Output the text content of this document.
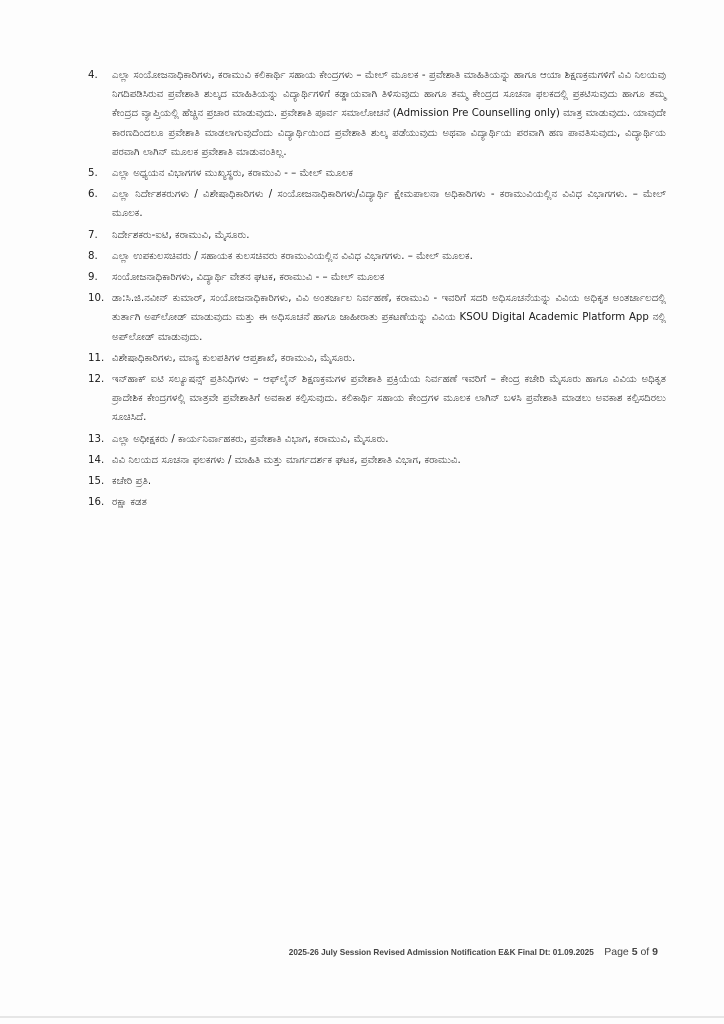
4.	ಎಲ್ಲಾ ಸಂಯೋಜನಾಧಿಕಾರಿಗಳು, ಕರಾಮುವಿ ಕಲಿಕಾರ್ಥಿ ಸಹಾಯ ಕೇಂದ್ರಗಳು – ಮೇಲ್ ಮೂಲಕ - ಪ್ರವೇಶಾತಿ ಮಾಹಿತಿಯನ್ನು ಹಾಗೂ ಆಯಾ ಶಿಕ್ಷಣಕ್ರಮಗಳಿಗೆ ವಿವಿ ನಿಲಯವು ನಿಗದಿಪಡಿಸಿರುವ ಪ್ರವೇಶಾತಿ ಶುಲ್ಕದ ಮಾಹಿತಿಯನ್ನು ವಿದ್ಯಾರ್ಥಿಗಳಿಗೆ ಕಡ್ಡಾಯವಾಗಿ ತಿಳಿಸುವುದು ಹಾಗೂ ತಮ್ಮ ಕೇಂದ್ರದ ಸೂಚನಾ ಫಲಕದಲ್ಲಿ ಪ್ರಕಟಿಸುವುದು ಹಾಗೂ ತಮ್ಮ ಕೇಂದ್ರದ ವ್ಯಾಪ್ತಿಯಲ್ಲಿ ಹೆಚ್ಚಿನ ಪ್ರಚಾರ ಮಾಡುವುದು. ಪ್ರವೇಶಾತಿ ಪೂರ್ವ ಸಮಾಲೋಚನೆ (Admission Pre Counselling only) ಮಾತ್ರ ಮಾಡುವುದು. ಯಾವುದೇ ಕಾರಣದಿಂದಲೂ ಪ್ರವೇಶಾತಿ ಮಾಡಲಾಗುವುದೆಂದು ವಿದ್ಯಾರ್ಥಿಯಿಂದ ಪ್ರವೇಶಾತಿ ಶುಲ್ಕ ಪಡೆಯುವುದು ಅಥವಾ ವಿದ್ಯಾರ್ಥಿಯ ಪರವಾಗಿ ಹಣ ಪಾವತಿಸುವುದು, ವಿದ್ಯಾರ್ಥಿಯ ಪರವಾಗಿ ಲಾಗಿನ್ ಮೂಲಕ ಪ್ರವೇಶಾತಿ ಮಾಡುವಂತಿಲ್ಲ.
5.	ಎಲ್ಲಾ ಅಧ್ಯಯನ ವಿಭಾಗಗಳ ಮುಖ್ಯಸ್ಥರು, ಕರಾಮುವಿ - – ಮೇಲ್ ಮೂಲಕ
6.	ಎಲ್ಲಾ ನಿರ್ದೇಶಕರುಗಳು / ವಿಶೇಷಾಧಿಕಾರಿಗಳು / ಸಂಯೋಜನಾಧಿಕಾರಿಗಳು/ವಿದ್ಯಾರ್ಥಿ ಕ್ಷೇಮಪಾಲನಾ ಅಧಿಕಾರಿಗಳು - ಕರಾಮುವಿಯಲ್ಲಿನ ವಿವಿಧ ವಿಭಾಗಗಳು. – ಮೇಲ್ ಮೂಲಕ.
7.	ನಿರ್ದೇಶಕರು-ಐಟಿ, ಕರಾಮುವಿ, ಮೈಸೂರು.
8.	ಎಲ್ಲಾ ಉಪಕುಲಸಚಿವರು / ಸಹಾಯಕ ಕುಲಸಚಿವರು ಕರಾಮುವಿಯಲ್ಲಿನ ವಿವಿಧ ವಿಭಾಗಗಳು. – ಮೇಲ್ ಮೂಲಕ.
9.	ಸಂಯೋಜನಾಧಿಕಾರಿಗಳು, ವಿದ್ಯಾರ್ಥಿ ವೇತನ ಘಟಕ, ಕರಾಮುವಿ - – ಮೇಲ್ ಮೂಲಕ
10. ಡಾ:ಸಿ.ಜಿ.ನವೀನ್ ಕುಮಾರ್, ಸಂಯೋಜನಾಧಿಕಾರಿಗಳು, ವಿವಿ ಅಂತರ್ಜಾಲ ನಿರ್ವಹಣೆ, ಕರಾಮುವಿ - ಇವರಿಗೆ ಸದರಿ ಅಧಿಸೂಚನೆಯನ್ನು ವಿವಿಯ ಅಧಿಕೃತ ಅಂತರ್ಜಾಲದಲ್ಲಿ ತುರ್ತಾಗಿ ಅಪ್‌ಲೋಡ್ ಮಾಡುವುದು ಮತ್ತು ಈ ಅಧಿಸೂಚನೆ ಹಾಗೂ ಜಾಹೀರಾತು ಪ್ರಕಟಣೆಯನ್ನು ವಿವಿಯ KSOU Digital Academic Platform App ನಲ್ಲಿ ಅಪ್‌ಲೋಡ್ ಮಾಡುವುದು.
11. ವಿಶೇಷಾಧಿಕಾರಿಗಳು, ಮಾನ್ಯ ಕುಲಪತಿಗಳ ಆಪ್ತಶಾಖೆ, ಕರಾಮುವಿ, ಮೈಸೂರು.
12. ಇನ್‌ಹಾಕ್ ಐಟಿ ಸಲ್ಯೂಷನ್ಸ್ ಪ್ರತಿನಿಧಿಗಳು – ಆಫ್‌ಲೈನ್ ಶಿಕ್ಷಣಕ್ರಮಗಳ ಪ್ರವೇಶಾತಿ ಪ್ರಕ್ರಿಯೆಯ ನಿರ್ವಹಣೆ ಇವರಿಗೆ – ಕೇಂದ್ರ ಕಚೇರಿ ಮೈಸೂರು ಹಾಗೂ ವಿವಿಯ ಅಧಿಕೃತ ಪ್ರಾದೇಶಿಕ ಕೇಂದ್ರಗಳಲ್ಲಿ ಮಾತ್ರವೇ ಪ್ರವೇಶಾತಿಗೆ ಅವಕಾಶ ಕಲ್ಪಿಸುವುದು. ಕಲಿಕಾರ್ಥಿ ಸಹಾಯ ಕೇಂದ್ರಗಳ ಮೂಲಕ ಲಾಗಿನ್ ಬಳಸಿ ಪ್ರವೇಶಾತಿ ಮಾಡಲು ಅವಕಾಶ ಕಲ್ಪಿಸದಿರಲು ಸೂಚಿಸಿದೆ.
13. ಎಲ್ಲಾ ಅಧೀಕ್ಷಕರು / ಕಾರ್ಯನಿರ್ವಾಹಕರು, ಪ್ರವೇಶಾತಿ ವಿಭಾಗ, ಕರಾಮುವಿ, ಮೈಸೂರು.
14. ವಿವಿ ನಿಲಯದ ಸೂಚನಾ ಫಲಕಗಳು / ಮಾಹಿತಿ ಮತ್ತು ಮಾರ್ಗದರ್ಶಕ ಘಟಕ, ಪ್ರವೇಶಾತಿ ವಿಭಾಗ, ಕರಾಮುವಿ.
15. ಕಚೇರಿ ಪ್ರತಿ.
16. ರಕ್ಷಾ ಕಡತ
2025-26 July Session Revised Admission Notification E&K Final Dt: 01.09.2025 Page 5 of 9
